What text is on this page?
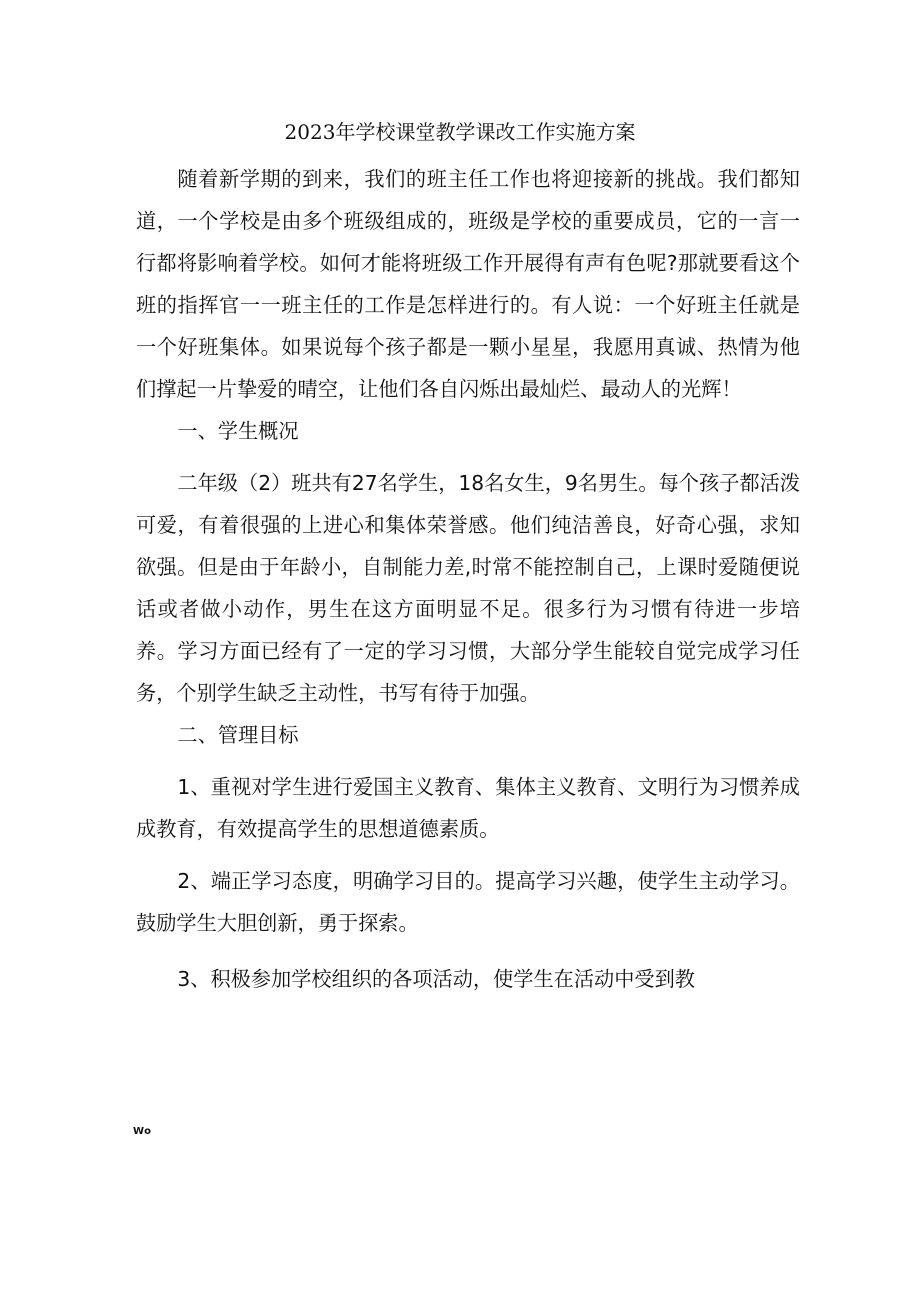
2023年学校课堂教学课改工作实施方案

随着新学期的到来，我们的班主任工作也将迎接新的挑战。我们都知道，一个学校是由多个班级组成的，班级是学校的重要成员，它的一言一行都将影响着学校。如何才能将班级工作开展得有声有色呢?那就要看这个班的指挥官一一班主任的工作是怎样进行的。有人说：一个好班主任就是一个好班集体。如果说每个孩子都是一颗小星星，我愿用真诚、热情为他们撑起一片挚爱的晴空，让他们各自闪烁出最灿烂、最动人的光辉！

一、学生概况

二年级（2）班共有27名学生，18名女生，9名男生。每个孩子都活泼可爱，有着很强的上进心和集体荣誉感。他们纯洁善良，好奇心强，求知欲强。但是由于年龄小，自制能力差,时常不能控制自己，上课时爱随便说话或者做小动作，男生在这方面明显不足。很多行为习惯有待进一步培养。学习方面已经有了一定的学习习惯，大部分学生能较自觉完成学习任务，个别学生缺乏主动性，书写有待于加强。

二、管理目标

1、重视对学生进行爱国主义教育、集体主义教育、文明行为习惯养成成教育，有效提高学生的思想道德素质。

2、端正学习态度，明确学习目的。提高学习兴趣，使学生主动学习。鼓励学生大胆创新，勇于探索。

3、积极参加学校组织的各项活动，使学生在活动中受到教

Wo
